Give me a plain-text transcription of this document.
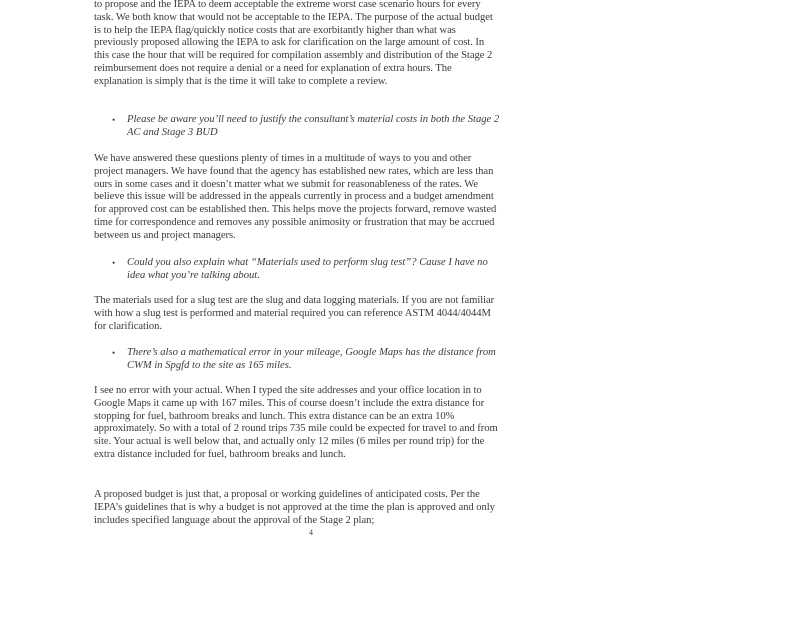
to propose and the IEPA to deem acceptable the extreme worst case scenario hours for every task. We both know that would not be acceptable to the IEPA. The purpose of the actual budget is to help the IEPA flag/quickly notice costs that are exorbitantly higher than what was previously proposed allowing the IEPA to ask for clarification on the large amount of cost. In this case the hour that will be required for compilation assembly and distribution of the Stage 2 reimbursement does not require a denial or a need for explanation of extra hours. The explanation is simply that is the time it will take to complete a review.

• Please be aware you’ll need to justify the consultant’s material costs in both the Stage 2 AC and Stage 3 BUD

We have answered these questions plenty of times in a multitude of ways to you and other project managers. We have found that the agency has established new rates, which are less than ours in some cases and it doesn’t matter what we submit for reasonableness of the rates. We believe this issue will be addressed in the appeals currently in process and a budget amendment for approved cost can be established then. This helps move the projects forward, remove wasted time for correspondence and removes any possible animosity or frustration that may be accrued between us and project managers.

• Could you also explain what “Materials used to perform slug test”? Cause I have no idea what you’re talking about.

The materials used for a slug test are the slug and data logging materials. If you are not familiar with how a slug test is performed and material required you can reference ASTM 4044/4044M for clarification.

• There’s also a mathematical error in your mileage, Google Maps has the distance from CWM in Spgfd to the site as 165 miles.

I see no error with your actual. When I typed the site addresses and your office location in to Google Maps it came up with 167 miles. This of course doesn’t include the extra distance for stopping for fuel, bathroom breaks and lunch. This extra distance can be an extra 10% approximately. So with a total of 2 round trips 735 mile could be expected for travel to and from site. Your actual is well below that, and actually only 12 miles (6 miles per round trip) for the extra distance included for fuel, bathroom breaks and lunch.

A proposed budget is just that, a proposal or working guidelines of anticipated costs. Per the IEPA’s guidelines that is why a budget is not approved at the time the plan is approved and only includes specified language about the approval of the Stage 2 plan;

4
